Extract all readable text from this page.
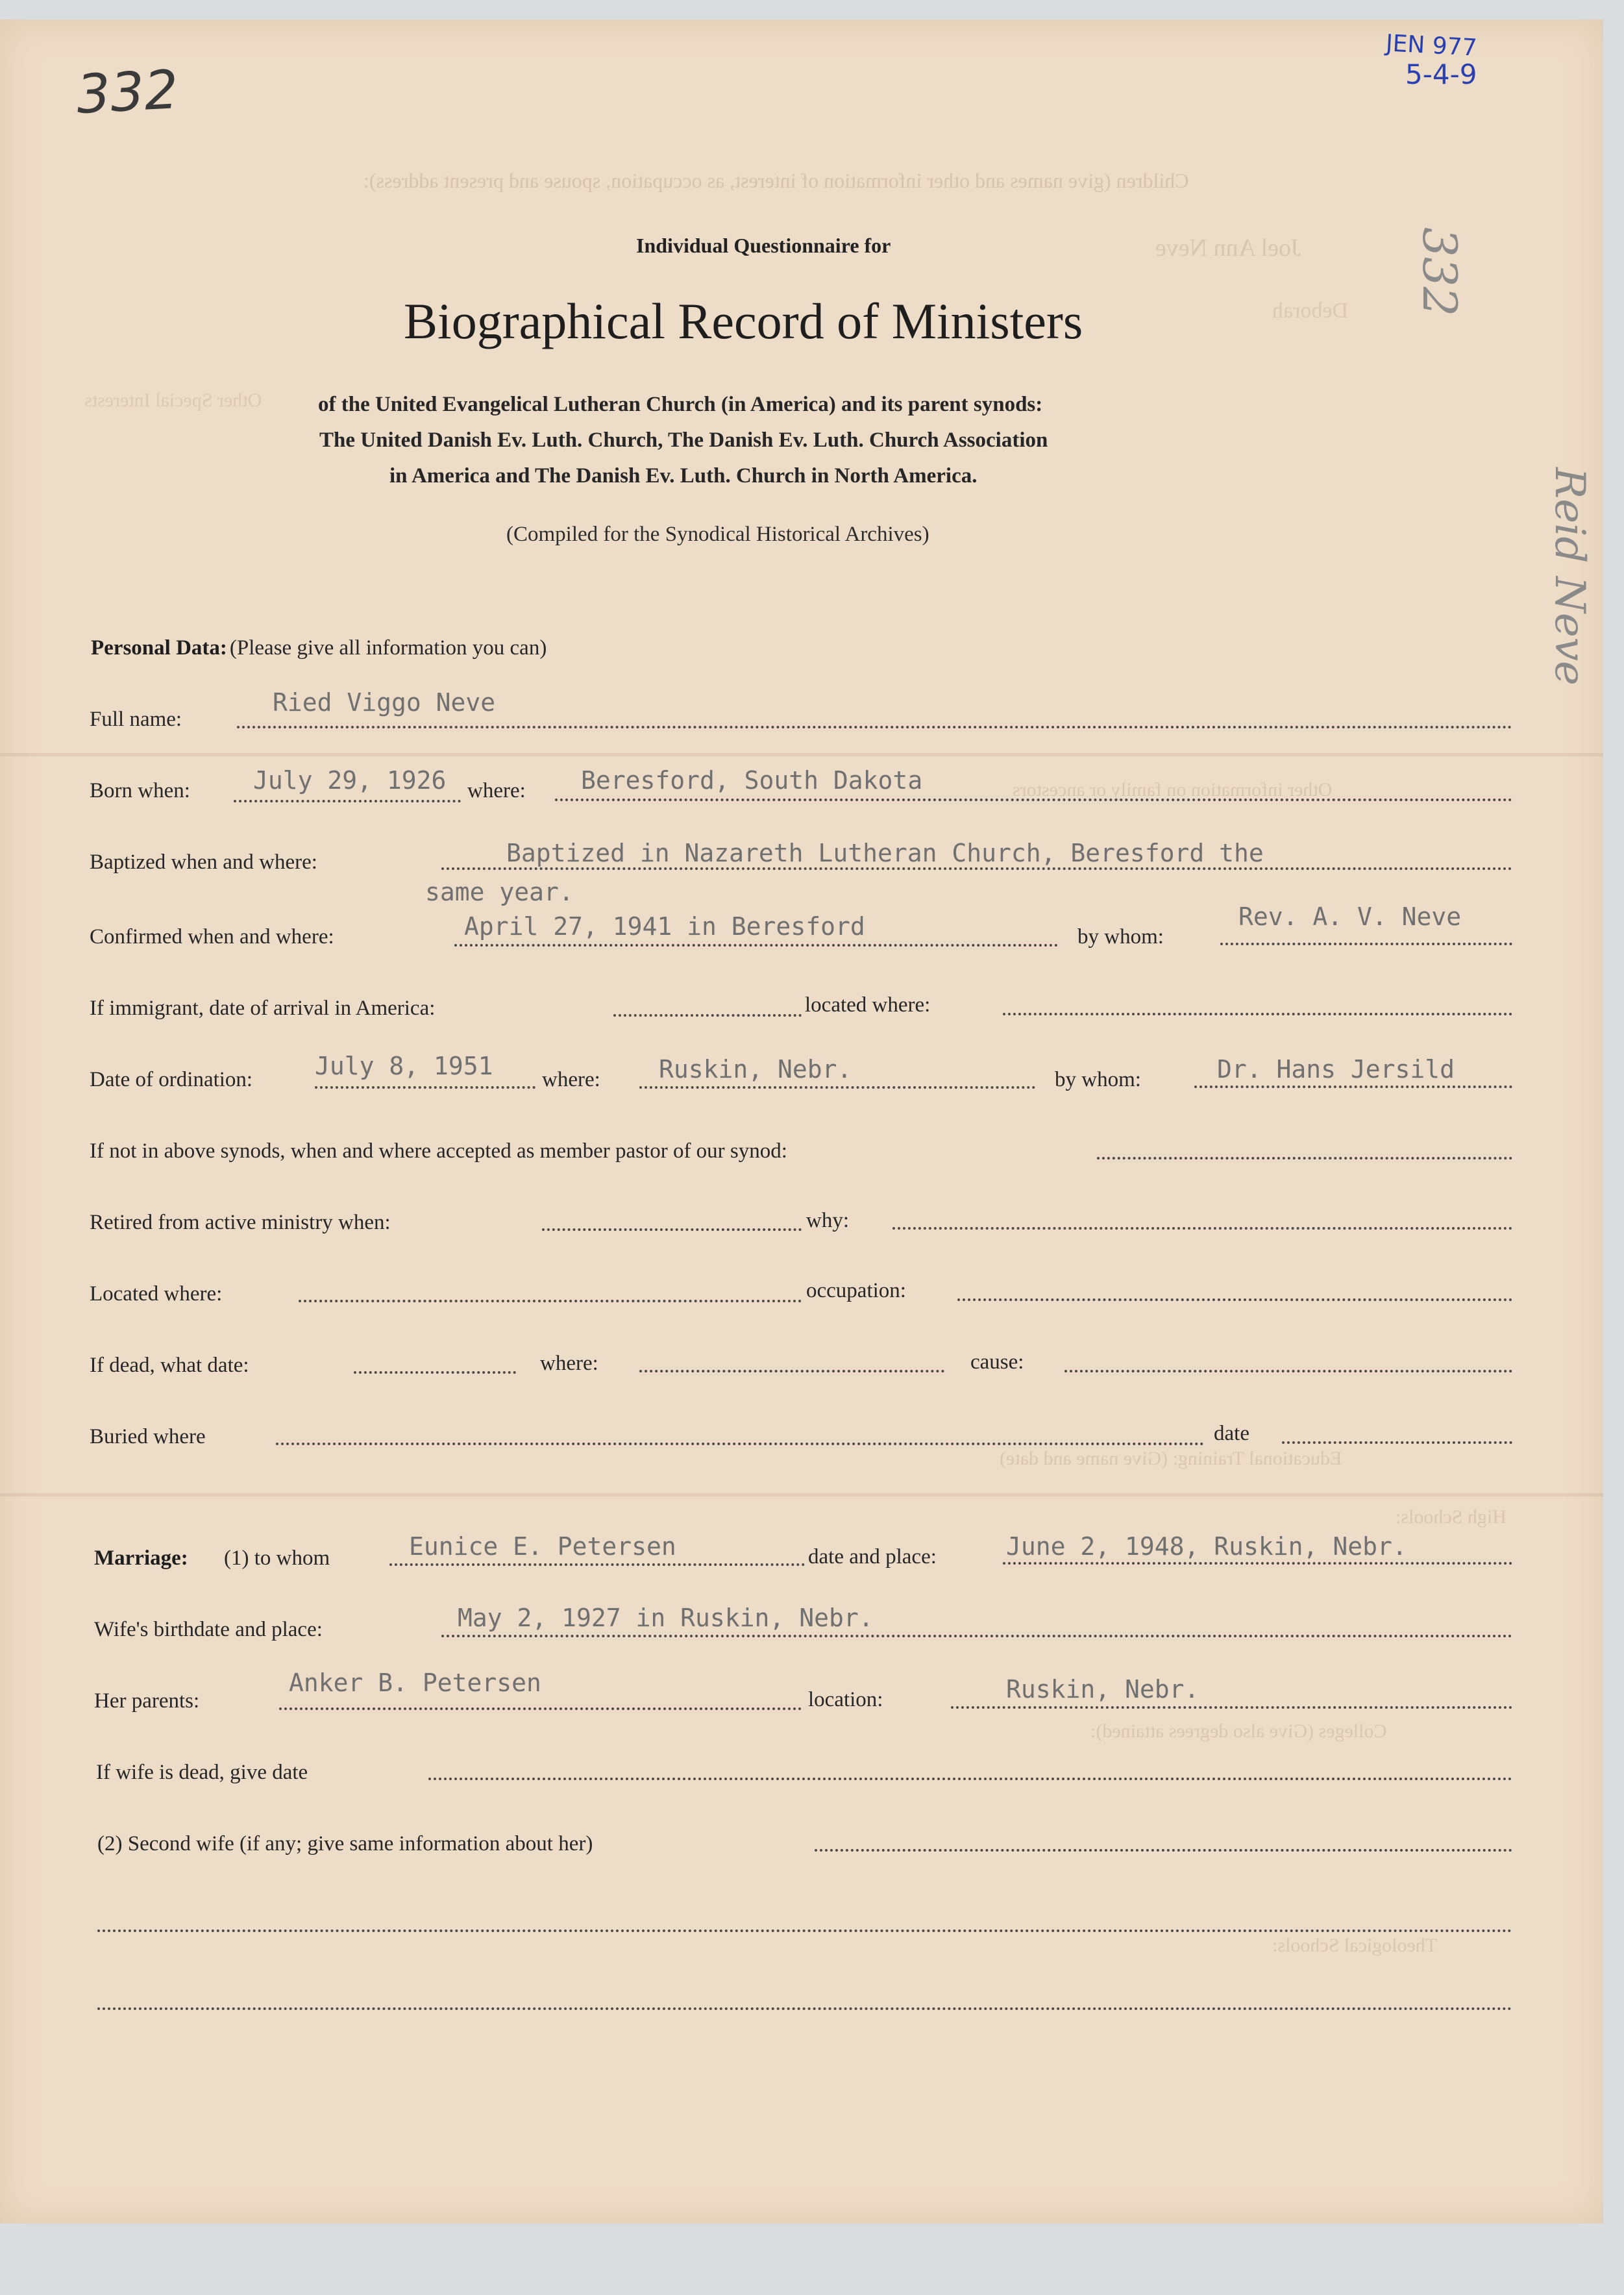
Children (give names and other information of interest, as occupation, spouse and present address):
Joel Ann Neve
Deborah
Other Special Interests
Other information on family or ancestors
Educational Training: (Give name and date)
High Schools:
Colleges (Give also degrees attained):
Theological Schools:
332
JEN 977
5-4-9
332
Reid Neve
Individual Questionnaire for
Biographical Record of Ministers
of the United Evangelical Lutheran Church (in America) and its parent synods:
The United Danish Ev. Luth. Church, The Danish Ev. Luth. Church Association
in America and The Danish Ev. Luth. Church in North America.
(Compiled for the Synodical Historical Archives)
Personal Data: (Please give all information you can)
Full name:
Ried Viggo Neve
Born when:	July 29, 1926 where: Beresford, South Dakota
Baptized when and where:	Baptized in Nazareth Lutheran Church, Beresford the
same year.
Confirmed when and where:	April 27, 1941 in Beresford	by whom:
Rev. A. V. Neve
If immigrant, date of arrival in America:	located where:
Date of ordination:	July 8, 1951 where: Ruskin, Nebr.	by whom:	Dr. Hans Jersild
If not in above synods, when and where accepted as member pastor of our synod:
Retired from active ministry when:	why:
Located where:	occupation:
If dead, what date:	where:	cause:
Buried where	date
Marriage: (1) to whom	Eunice E. Petersen	date and place:	June 2, 1948, Ruskin, Nebr.
Wife's birthdate and place:	May 2, 1927 in Ruskin, Nebr.
Her parents:
Anker B. Petersen
location:	Ruskin, Nebr.
If wife is dead, give date
(2) Second wife (if any; give same information about her)
